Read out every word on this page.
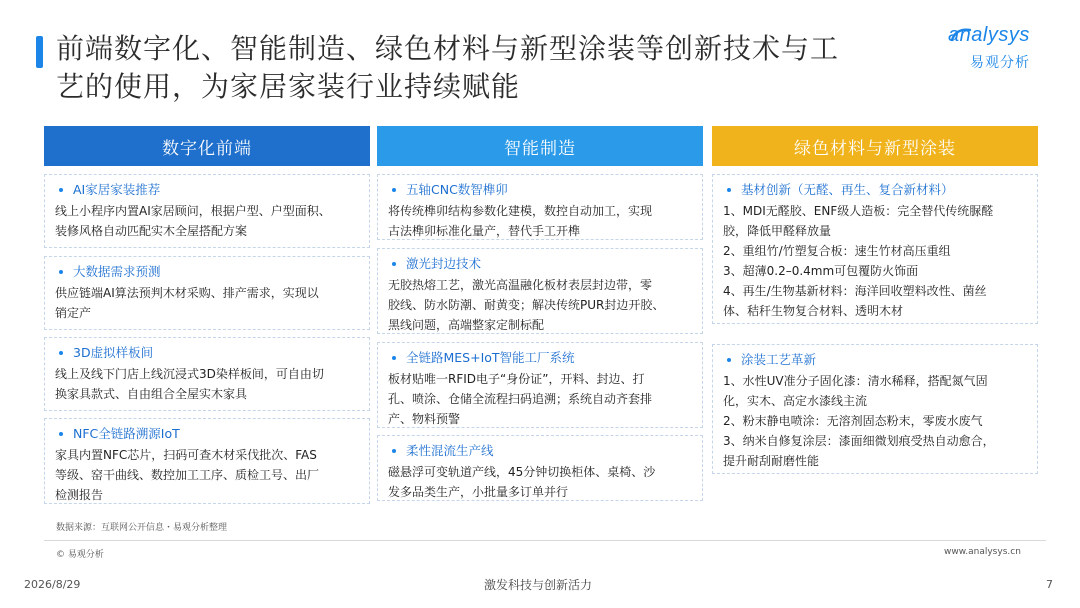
前端数字化、智能制造、绿色材料与新型涂装等创新技术与工
艺的使用，为家居家装行业持续赋能
analysys
易观分析
数字化前端
AI家居家装推荐
线上小程序内置AI家居顾问，根据户型、户型面积、
装修风格自动匹配实木全屋搭配方案
大数据需求预测
供应链端AI算法预判木材采购、排产需求，实现以
销定产
3D虚拟样板间
线上及线下门店上线沉浸式3D染样板间，可自由切
换家具款式、自由组合全屋实木家具
NFC全链路溯源IoT
家具内置NFC芯片，扫码可查木材采伐批次、FAS
等级、窑干曲线、数控加工工序、质检工号、出厂
检测报告
智能制造
五轴CNC数智榫卯
将传统榫卯结构参数化建模，数控自动加工，实现
古法榫卯标准化量产，替代手工开榫
激光封边技术
无胶热熔工艺，激光高温融化板材表层封边带，零
胶线、防水防潮、耐黄变；解决传统PUR封边开胶、
黑线问题，高端整家定制标配
全链路MES+IoT智能工厂系统
板材贴唯一RFID电子“身份证”，开料、封边、打
孔、喷涂、仓储全流程扫码追溯；系统自动齐套排
产、物料预警
柔性混流生产线
磁悬浮可变轨道产线，45分钟切换柜体、桌椅、沙
发多品类生产，小批量多订单并行
绿色材料与新型涂装
基材创新（无醛、再生、复合新材料）
1、MDI无醛胶、ENF级人造板：完全替代传统脲醛
胶，降低甲醛释放量
2、重组竹/竹塑复合板：速生竹材高压重组
3、超薄0.2–0.4mm可包覆防火饰面
4、再生/生物基新材料：海洋回收塑料改性、菌丝
体、秸秆生物复合材料、透明木材
涂装工艺革新
1、水性UV准分子固化漆：清水稀释，搭配氮气固
化，实木、高定水漆线主流
2、粉末静电喷涂：无溶剂固态粉末，零废水废气
3、纳米自修复涂层：漆面细微划痕受热自动愈合，
提升耐刮耐磨性能
数据来源：互联网公开信息・易观分析整理
© 易观分析	www.analysys.cn
2026/8/29	激发科技与创新活力	7
